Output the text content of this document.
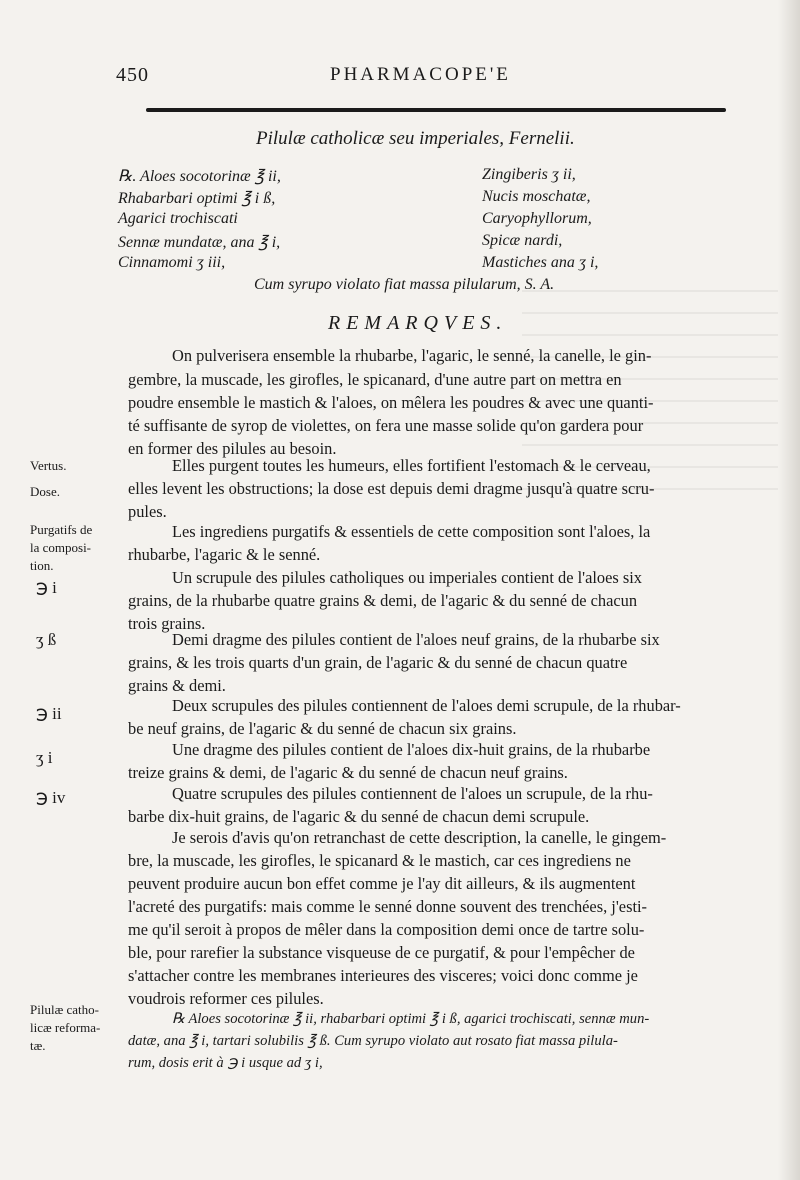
450	PHARMACOPE'E
Pilulæ catholicæ seu imperiales, Fernelii.
℞. Aloes socotorinæ ℥ ii,
Rhabarbari optimi ℥ i ß,
Agarici trochiscati
Sennæ mundatæ, ana ℥ i,
Cinnamomi ʒ iii,
Zingiberis ʒ ii,
Nucis moschatæ,
Caryophyllorum,
Spicæ nardi,
Mastiches ana ʒ i,
Cum syrupo violato fiat massa pilularum, S. A.
REMARQVES.
On pulverisera ensemble la rhubarbe, l'agaric, le senné, la canelle, le gin-
gembre, la muscade, les girofles, le spicanard, d'une autre part on mettra en
poudre ensemble le mastich & l'aloes, on mêlera les poudres & avec une quanti-
té suffisante de syrop de violettes, on fera une masse solide qu'on gardera pour
en former des pilules au besoin.
Elles purgent toutes les humeurs, elles fortifient l'estomach & le cerveau,
elles levent les obstructions; la dose est depuis demi dragme jusqu'à quatre scru-
pules.
Les ingrediens purgatifs & essentiels de cette composition sont l'aloes, la
rhubarbe, l'agaric & le senné.
Un scrupule des pilules catholiques ou imperiales contient de l'aloes six
grains, de la rhubarbe quatre grains & demi, de l'agaric & du senné de chacun
trois grains.
Demi dragme des pilules contient de l'aloes neuf grains, de la rhubarbe six
grains, & les trois quarts d'un grain, de l'agaric & du senné de chacun quatre
grains & demi.
Deux scrupules des pilules contiennent de l'aloes demi scrupule, de la rhubar-
be neuf grains, de l'agaric & du senné de chacun six grains.
Une dragme des pilules contient de l'aloes dix-huit grains, de la rhubarbe
treize grains & demi, de l'agaric & du senné de chacun neuf grains.
Quatre scrupules des pilules contiennent de l'aloes un scrupule, de la rhu-
barbe dix-huit grains, de l'agaric & du senné de chacun demi scrupule.
Je serois d'avis qu'on retranchast de cette description, la canelle, le gingem-
bre, la muscade, les girofles, le spicanard & le mastich, car ces ingrediens ne
peuvent produire aucun bon effet comme je l'ay dit ailleurs, & ils augmentent
l'acreté des purgatifs: mais comme le senné donne souvent des trenchées, j'esti-
me qu'il seroit à propos de mêler dans la composition demi once de tartre solu-
ble, pour rarefier la substance visqueuse de ce purgatif, & pour l'empêcher de
s'attacher contre les membranes interieures des visceres; voici donc comme je
voudrois reformer ces pilules.
℞ Aloes socotorinæ ℥ ii, rhabarbari optimi ℥ i ß, agarici trochiscati, sennæ mun-
datæ, ana ℥ i, tartari solubilis ℥ ß. Cum syrupo violato aut rosato fiat massa pilula-
rum, dosis erit à ℈ i usque ad ʒ i,
Vertus.
Dose.
Purgatifs de
la composi-
tion.
℈ i
ʒ ß
℈ ii
ʒ i
℈ iv
Pilulæ catho-
licæ reforma-
tæ.
